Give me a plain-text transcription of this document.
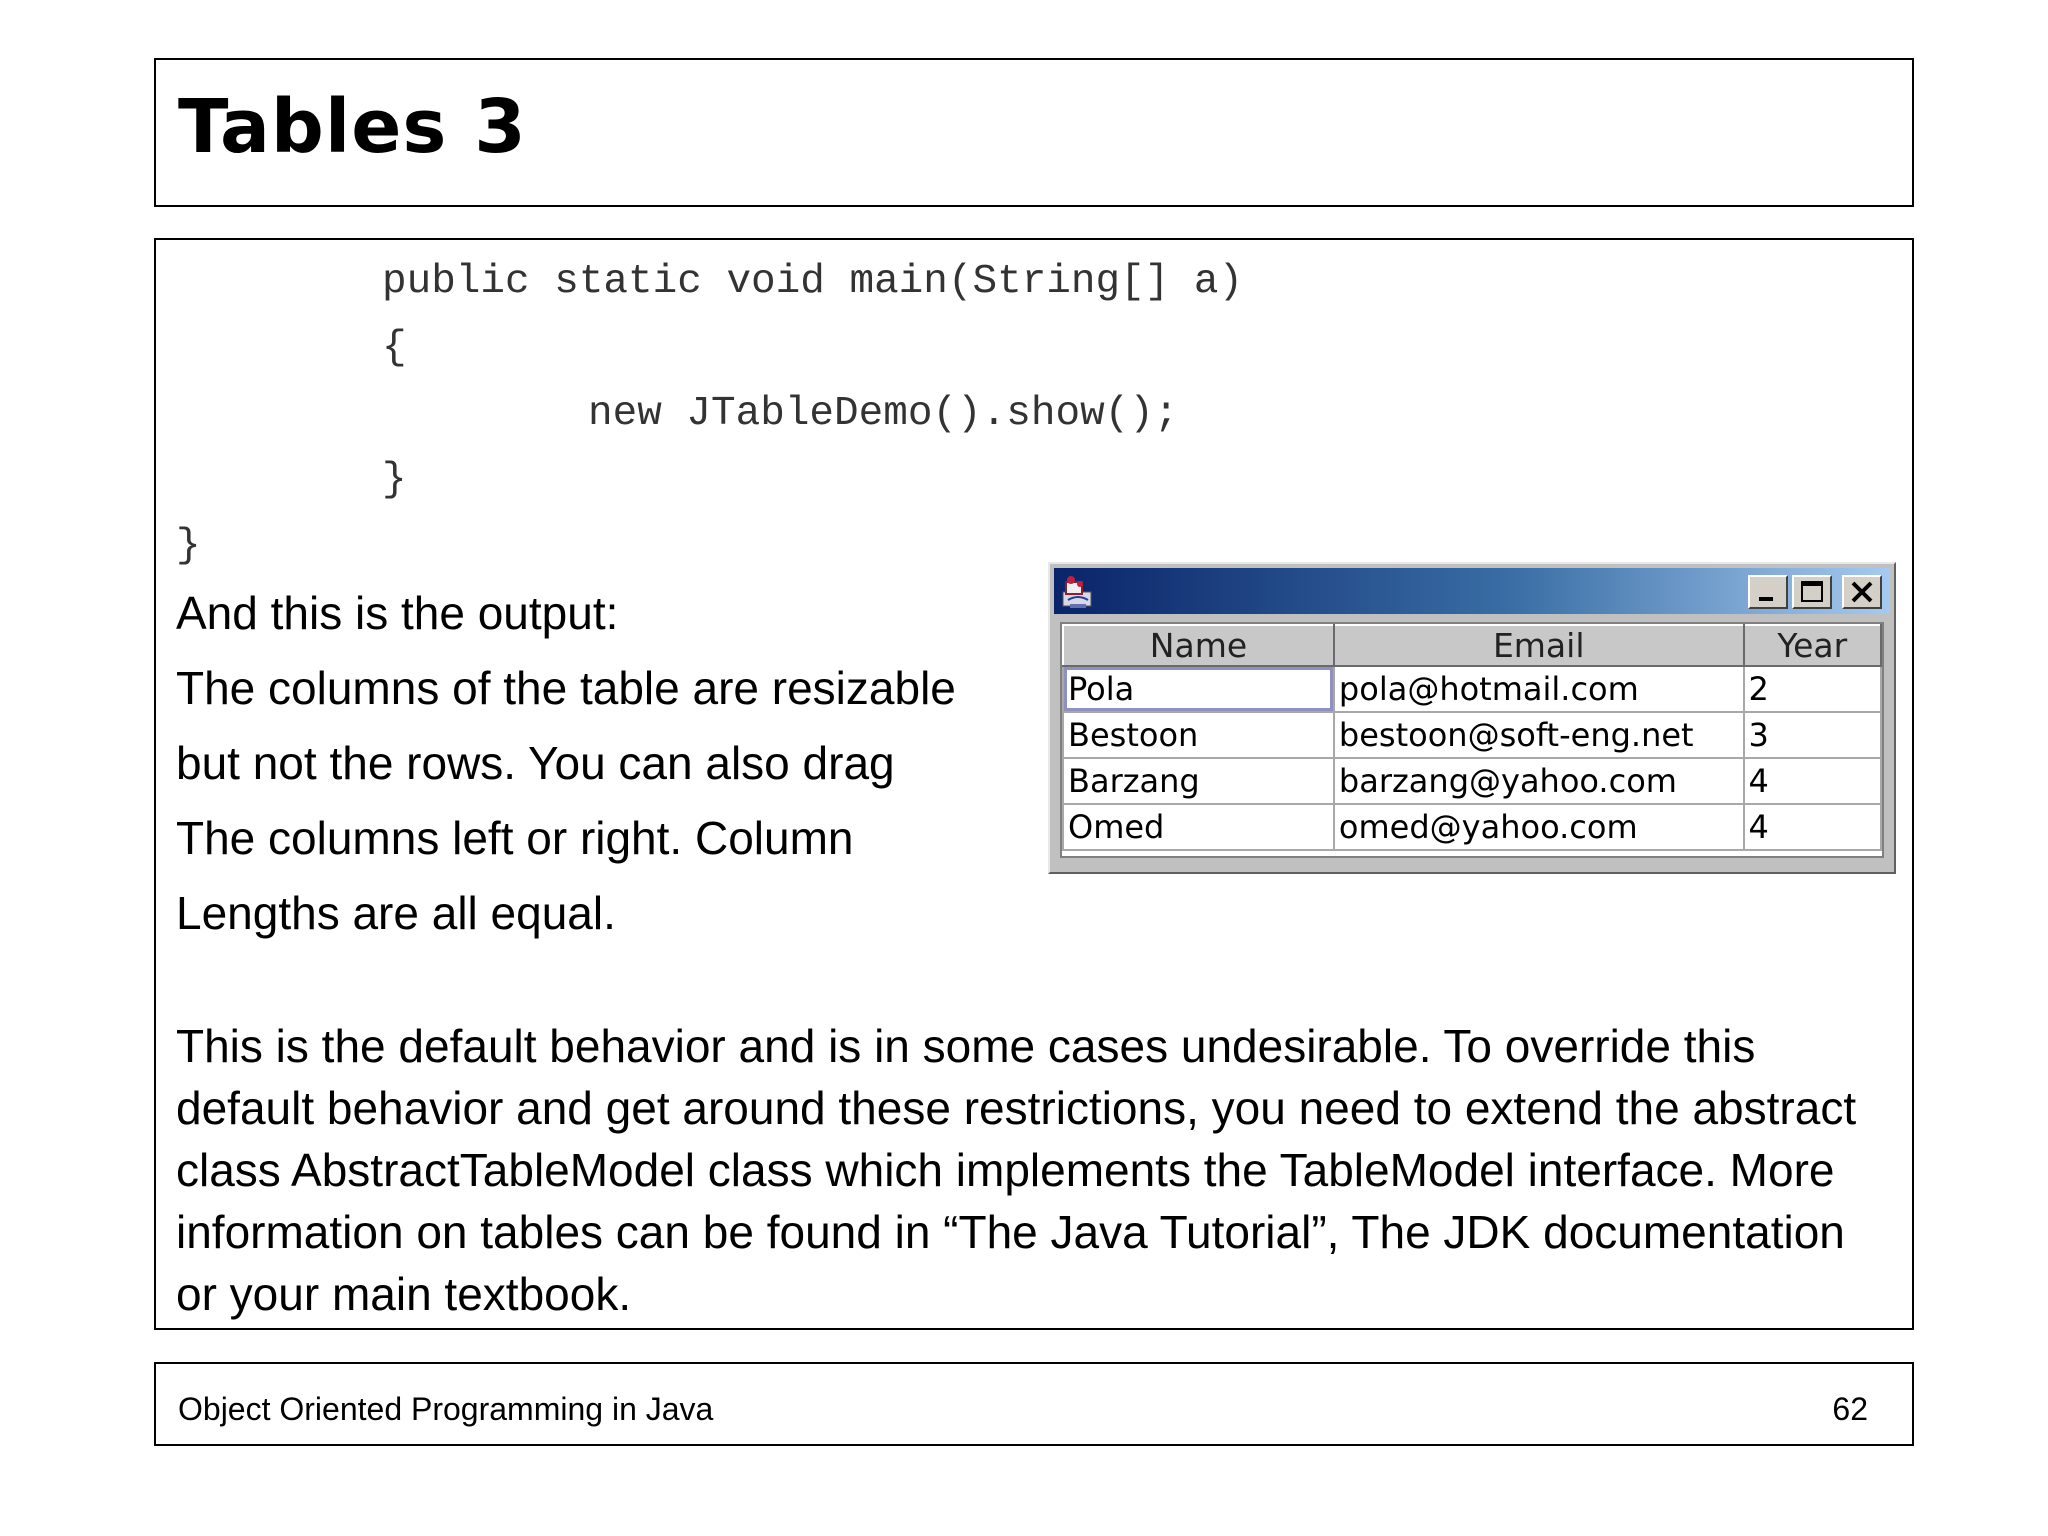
Tables 3
public static void main(String[] a)
{
new JTableDemo().show();
}
}
And this is the output:
The columns of the table are resizable
but not the rows. You can also drag
The columns left or right. Column
Lengths are all equal.
This is the default behavior and is in some cases undesirable. To override this default behavior and get around these restrictions, you need to extend the abstract class AbstractTableModel class which implements the TableModel interface. More information on tables can be found in “The Java Tutorial”, The JDK documentation or your main textbook.
Name	Email	Year
Pola	pola@hotmail.com	2
Bestoon	bestoon@soft-eng.net	3
Barzang	barzang@yahoo.com	4
Omed	omed@yahoo.com	4
Object Oriented Programming in Java	62
